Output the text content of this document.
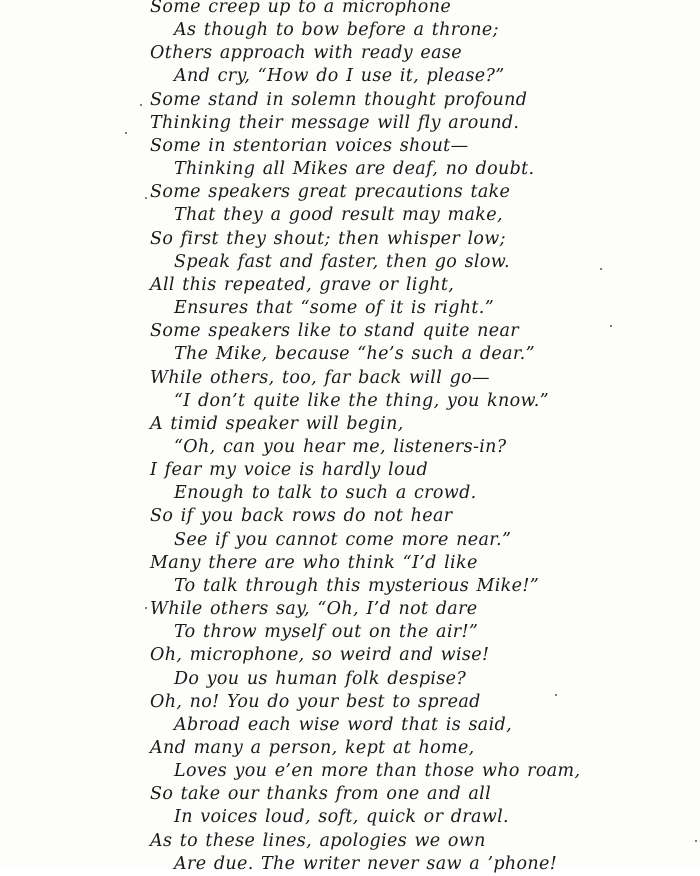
Some creep up to a microphone
As though to bow before a throne;
Others approach with ready ease
And cry, “How do I use it, please?”
Some stand in solemn thought profound
Thinking their message will fly around.
Some in stentorian voices shout—
Thinking all Mikes are deaf, no doubt.
Some speakers great precautions take
That they a good result may make,
So first they shout; then whisper low;
Speak fast and faster, then go slow.
All this repeated, grave or light,
Ensures that “some of it is right.”
Some speakers like to stand quite near
The Mike, because “he’s such a dear.”
While others, too, far back will go—
“I don’t quite like the thing, you know.”
A timid speaker will begin,
“Oh, can you hear me, listeners-in?
I fear my voice is hardly loud
Enough to talk to such a crowd.
So if you back rows do not hear
See if you cannot come more near.”
Many there are who think “I’d like
To talk through this mysterious Mike!”
While others say, “Oh, I’d not dare
To throw myself out on the air!”
Oh, microphone, so weird and wise!
Do you us human folk despise?
Oh, no! You do your best to spread
Abroad each wise word that is said,
And many a person, kept at home,
Loves you e’en more than those who roam,
So take our thanks from one and all
In voices loud, soft, quick or drawl.
As to these lines, apologies we own
Are due. The writer never saw a ’phone!
